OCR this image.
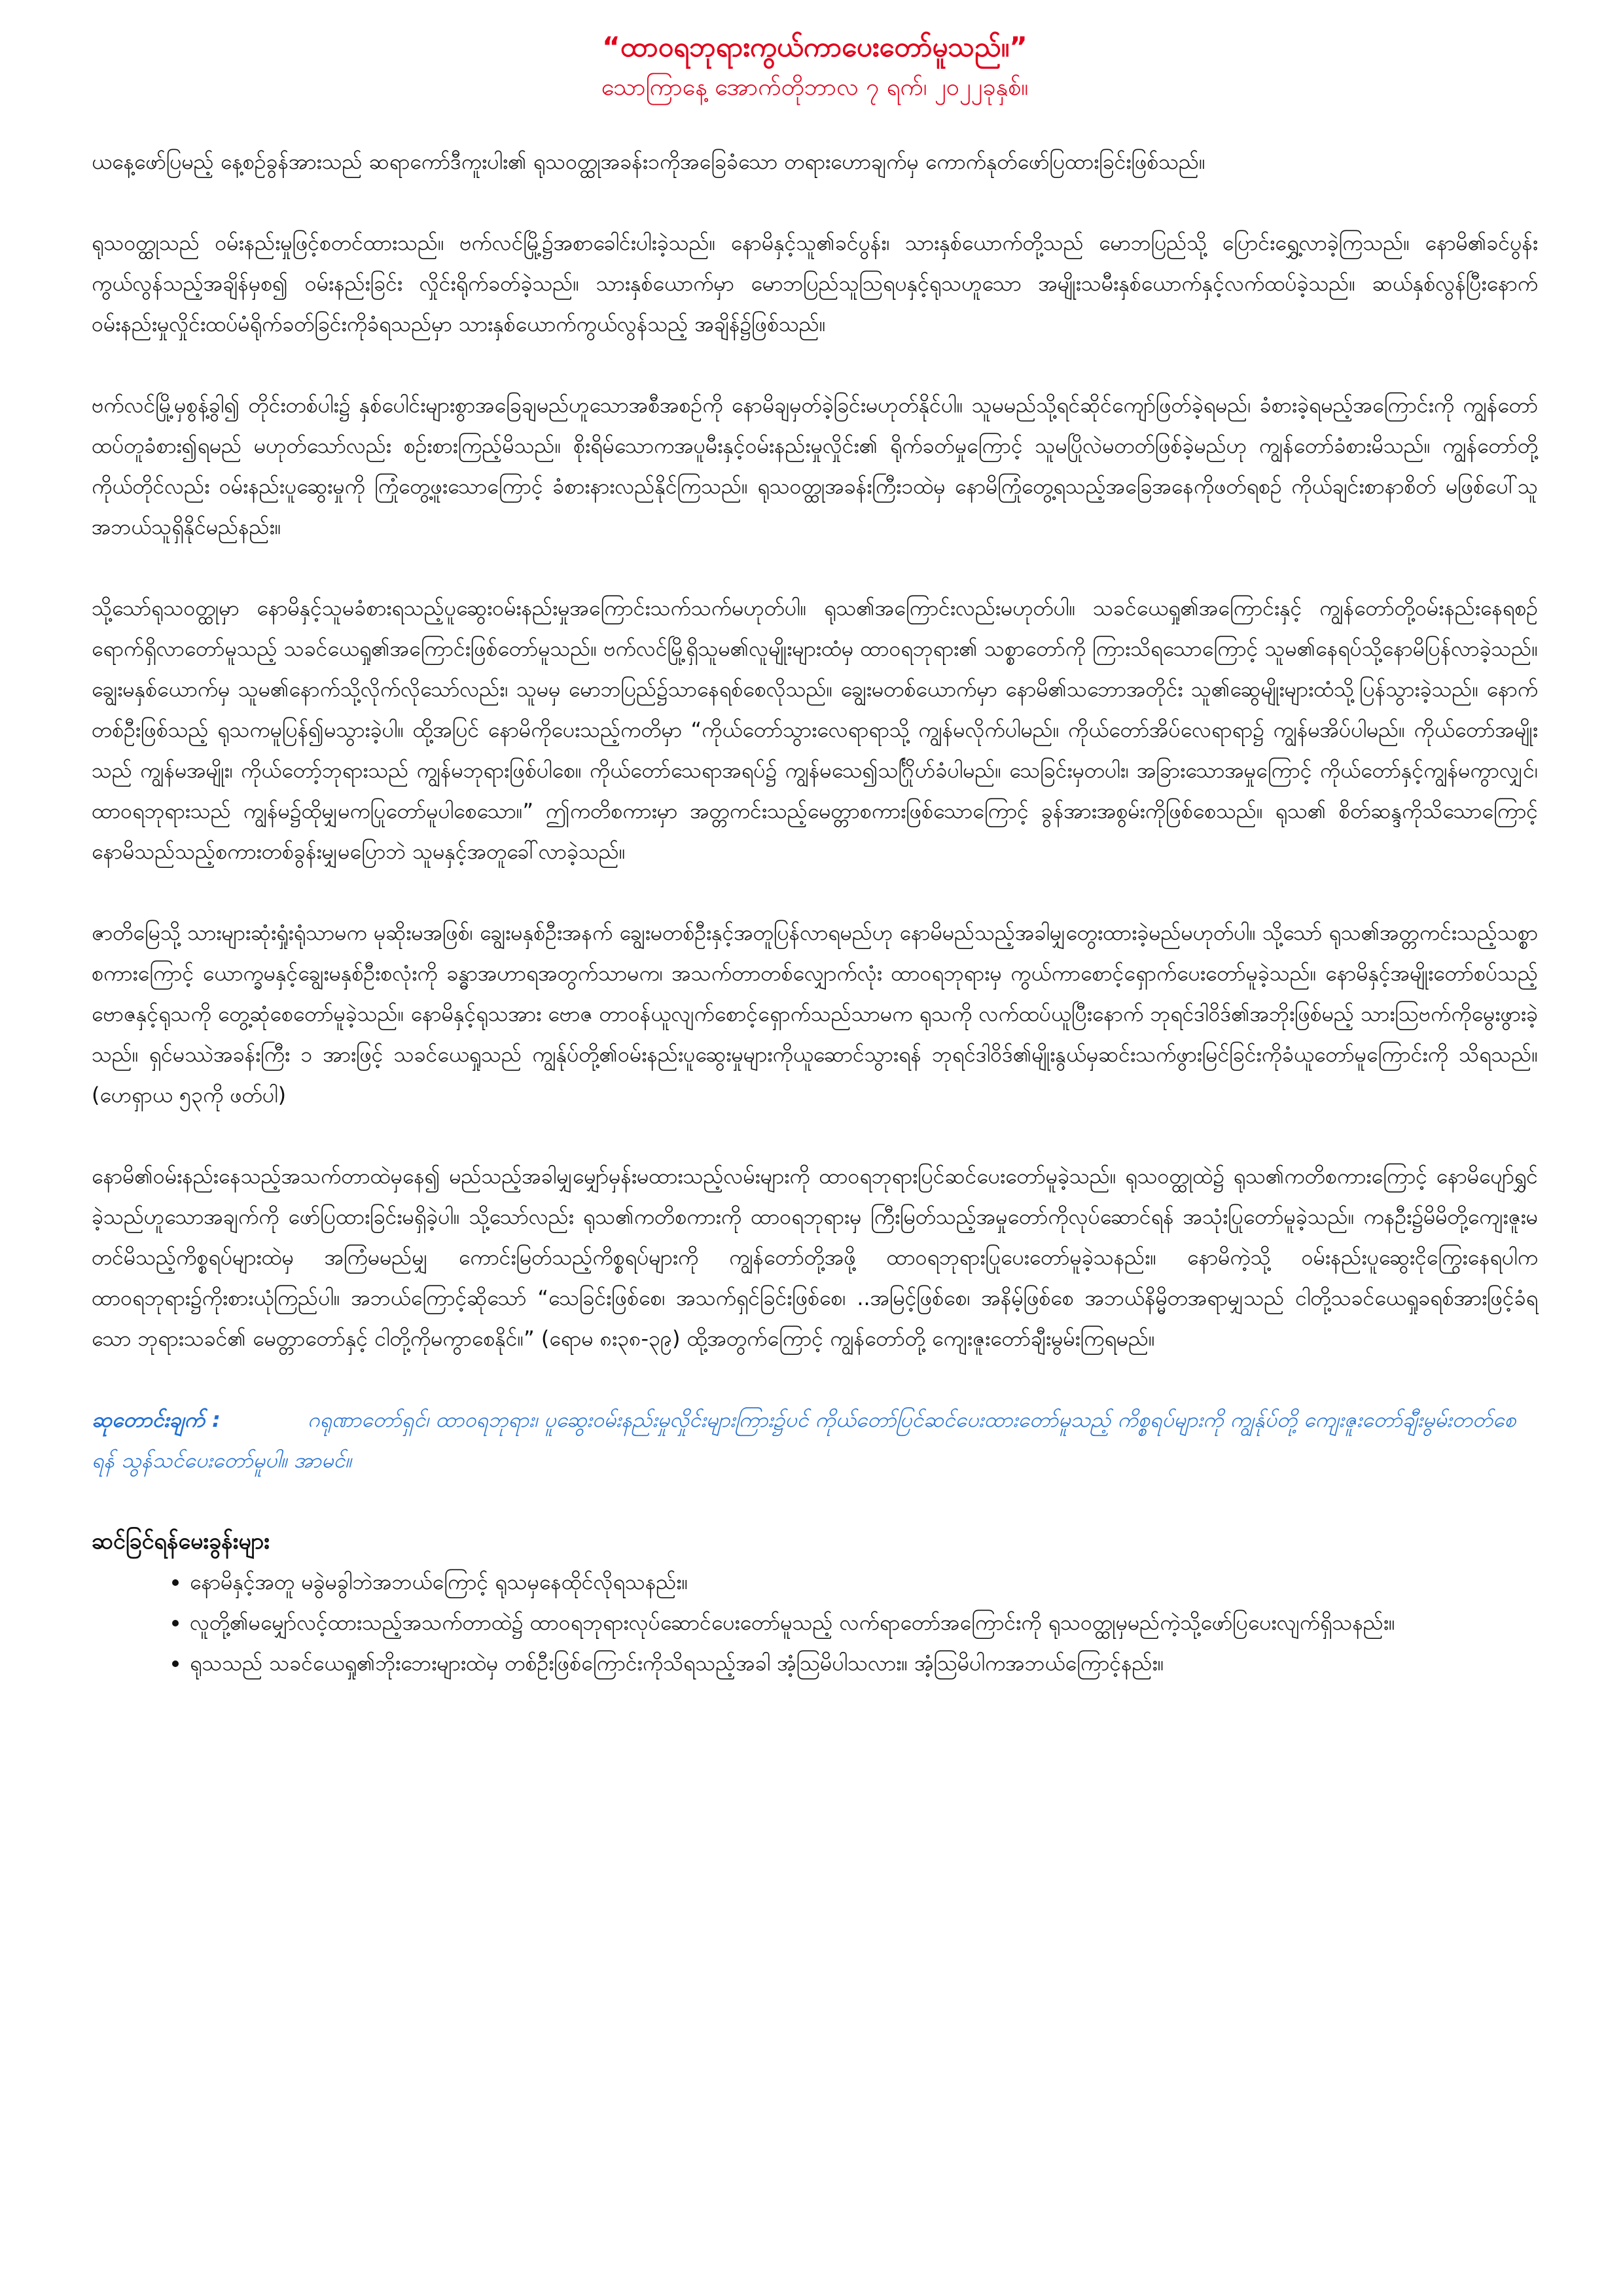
“ထာဝရဘုရားကွယ်ကာပေးတော်မူသည်။”

သောကြာနေ့ အောက်တိုဘာလ ၇ ရက်၊ ၂၀၂၂ခုနှစ်။

ယနေ့ဖော်ပြမည့် နေ့စဉ်ခွန်အားသည် ဆရာကော်ဒီကူးပါး၏ ရုသဝတ္ထုအခန်း၁ကိုအခြေခံသော တရားဟောချက်မှ ကောက်နုတ်ဖော်ပြထားခြင်းဖြစ်သည်။

ရုသဝတ္ထုသည် ဝမ်းနည်းမှုဖြင့်စတင်ထားသည်။ ဗက်လင်မြို့၌အစာခေါင်းပါးခဲ့သည်။ နောမိနှင့်သူ၏ခင်ပွန်း၊ သားနှစ်ယောက်တို့သည် မောဘပြည်သို့ ပြောင်းရွှေ့လာခဲ့ကြသည်။ နောမိ၏ခင်ပွန်းကွယ်လွန်သည့်အချိန်မှစ၍ ဝမ်းနည်းခြင်း လှိုင်းရိုက်ခတ်ခဲ့သည်။ သားနှစ်ယောက်မှာ မောဘပြည်သူဩရပနှင့်ရုသဟူသော အမျိုးသမီးနှစ်ယောက်နှင့်လက်ထပ်ခဲ့သည်။ ဆယ်နှစ်လွန်ပြီးနောက် ဝမ်းနည်းမှုလှိုင်းထပ်မံရိုက်ခတ်ခြင်းကိုခံရသည်မှာ သားနှစ်ယောက်ကွယ်လွန်သည့် အချိန်၌ဖြစ်သည်။

ဗက်လင်မြို့မှစွန့်ခွါ၍ တိုင်းတစ်ပါး၌ နှစ်ပေါင်းများစွာအခြေချမည်ဟူသောအစီအစဉ်ကို နောမိချမှတ်ခဲ့ခြင်းမဟုတ်နိုင်ပါ။ သူမမည်သို့ရင်ဆိုင်ကျော်ဖြတ်ခဲ့ရမည်၊ ခံစားခဲ့ရမည့်အကြောင်းကို ကျွန်တော်ထပ်တူခံစား၍ရမည် မဟုတ်သော်လည်း စဉ်းစားကြည့်မိသည်။ စိုးရိမ်သောကအပူမီးနှင့်ဝမ်းနည်းမှုလှိုင်း၏ ရိုက်ခတ်မှုကြောင့် သူမပြိုလဲမတတ်ဖြစ်ခဲ့မည်ဟု ကျွန်တော်ခံစားမိသည်။ ကျွန်တော်တို့ကိုယ်တိုင်လည်း ဝမ်းနည်းပူဆွေးမှုကို ကြုံတွေ့ဖူးသောကြောင့် ခံစားနားလည်နိုင်ကြသည်။ ရုသဝတ္ထုအခန်းကြီး၁ထဲမှ နောမိကြုံတွေ့ရသည့်အခြေအနေကိုဖတ်ရစဉ် ကိုယ်ချင်းစာနာစိတ် မဖြစ်ပေါ်သူ အဘယ်သူရှိနိုင်မည်နည်း။

သို့သော်ရုသဝတ္ထုမှာ နောမိနှင့်သူမခံစားရသည့်ပူဆွေးဝမ်းနည်းမှုအကြောင်းသက်သက်မဟုတ်ပါ။ ရုသ၏အကြောင်းလည်းမဟုတ်ပါ။ သခင်ယေရှု၏အကြောင်းနှင့် ကျွန်တော်တို့ဝမ်းနည်းနေရစဉ်ရောက်ရှိလာတော်မူသည့် သခင်ယေရှု၏အကြောင်းဖြစ်တော်မူသည်။ ဗက်လင်မြို့ရှိသူမ၏လူမျိုးများထံမှ ထာဝရဘုရား၏ သစ္စာတော်ကို ကြားသိရသောကြောင့် သူမ၏နေရပ်သို့နောမိပြန်လာခဲ့သည်။ ချွေးမနှစ်ယောက်မှ သူမ၏နောက်သို့လိုက်လိုသော်လည်း၊ သူမမှ မောဘပြည်၌သာနေရစ်စေလိုသည်။ ချွေးမတစ်ယောက်မှာ နောမိ၏သဘောအတိုင်း သူ၏ဆွေမျိုးများထံသို့ပြန်သွားခဲ့သည်။ နောက်တစ်ဦးဖြစ်သည့် ရုသကမူပြန်၍မသွားခဲ့ပါ။ ထို့အပြင် နောမိကိုပေးသည့်ကတိမှာ “ကိုယ်တော်သွားလေရာရာသို့ ကျွန်မလိုက်ပါမည်။ ကိုယ်တော်အိပ်လေရာရာ၌ ကျွန်မအိပ်ပါမည်။ ကိုယ်တော်အမျိုးသည် ကျွန်မအမျိုး၊ ကိုယ်တော့်ဘုရားသည် ကျွန်မဘုရားဖြစ်ပါစေ။ ကိုယ်တော်သေရာအရပ်၌ ကျွန်မသေ၍သင်္ဂြိုဟ်ခံပါမည်။ သေခြင်းမှတပါး၊ အခြားသောအမှုကြောင့် ကိုယ်တော်နှင့်ကျွန်မကွာလျှင်၊ ထာဝရဘုရားသည် ကျွန်မ၌ထိုမျှမကပြုတော်မူပါစေသော။” ဤကတိစကားမှာ အတ္တကင်းသည့်မေတ္တာစကားဖြစ်သောကြောင့် ခွန်အားအစွမ်းကိုဖြစ်စေသည်။ ရုသ၏ စိတ်ဆန္ဒကိုသိသောကြောင့် နောမိသည်သည့်စကားတစ်ခွန်းမျှမပြောဘဲ သူမနှင့်အတူခေါ်လာခဲ့သည်။

ဇာတိမြေသို့ သားများဆုံးရှုံးရုံသာမက မုဆိုးမအဖြစ်၊ ချွေးမနှစ်ဦးအနက် ချွေးမတစ်ဦးနှင့်အတူပြန်လာရမည်ဟု နောမိမည်သည့်အခါမျှတွေးထားခဲ့မည်မဟုတ်ပါ။ သို့သော် ရုသ၏အတ္တကင်းသည့်သစ္စာစကားကြောင့် ယောက္ခမနှင့်ချွေးမနှစ်ဦးစလုံးကို ခန္ဓာအဟာရအတွက်သာမက၊ အသက်တာတစ်လျှောက်လုံး ထာဝရဘုရားမှ ကွယ်ကာစောင့်ရှောက်ပေးတော်မူခဲ့သည်။ နောမိနှင့်အမျိုးတော်စပ်သည့် ဗောဇနှင့်ရုသကို တွေ့ဆုံစေတော်မူခဲ့သည်။ နောမိနှင့်ရုသအား ဗောဇ တာဝန်ယူလျက်စောင့်ရှောက်သည်သာမက ရုသကို လက်ထပ်ယူပြီးနောက် ဘုရင်ဒါဝိဒ်၏အဘိုးဖြစ်မည့် သားဩဗက်ကိုမွေးဖွားခဲ့သည်။ ရှင်မဿဲအခန်းကြီး ၁ အားဖြင့် သခင်ယေရှုသည် ကျွန်ုပ်တို့၏ဝမ်းနည်းပူဆွေးမှုများကိုယူဆောင်သွားရန် ဘုရင်ဒါဝိဒ်၏မျိုးနွယ်မှဆင်းသက်ဖွားမြင်ခြင်းကိုခံယူတော်မူကြောင်းကို သိရသည်။ (ဟေရှာယ ၅၃ကို ဖတ်ပါ)

နောမိ၏ဝမ်းနည်းနေသည့်အသက်တာထဲမှနေ၍ မည်သည့်အခါမျှမျှော်မှန်းမထားသည့်လမ်းများကို ထာဝရဘုရားပြင်ဆင်ပေးတော်မူခဲ့သည်။ ရုသဝတ္ထုထဲ၌ ရုသ၏ကတိစကားကြောင့် နောမိပျော်ရွှင်ခဲ့သည်ဟူသောအချက်ကို ဖော်ပြထားခြင်းမရှိခဲ့ပါ။ သို့သော်လည်း ရုသ၏ကတိစကားကို ထာဝရဘုရားမှ ကြီးမြတ်သည့်အမှုတော်ကိုလုပ်ဆောင်ရန် အသုံးပြုတော်မူခဲ့သည်။ ကနဦး၌မိမိတို့ကျေးဇူးမတင်မိသည့်ကိစ္စရပ်များထဲမှ အကြံမမည်မျှ ကောင်းမြတ်သည့်ကိစ္စရပ်များကို ကျွန်တော်တို့အဖို့ ထာဝရဘုရားပြုပေးတော်မူခဲ့သနည်း။ နောမိကဲ့သို့ ဝမ်းနည်းပူဆွေးငိုကြွေးနေရပါက ထာဝရဘုရား၌ကိုးစားယုံကြည်ပါ။ အဘယ်ကြောင့်ဆိုသော် “သေခြင်းဖြစ်စေ၊ အသက်ရှင်ခြင်းဖြစ်စေ၊ ..အမြင့်ဖြစ်စေ၊ အနိမ့်ဖြစ်စေ အဘယ်နိမ္မိတအရာမျှသည် ငါတို့သခင်ယေရှုခရစ်အားဖြင့်ခံရသော ဘုရားသခင်၏ မေတ္တာတော်နှင့် ငါတို့ကိုမကွာစေနိုင်။” (ရောမ ၈း၃၈-၃၉) ထို့အတွက်ကြောင့် ကျွန်တော်တို့ ကျေးဇူးတော်ချီးမွမ်းကြရမည်။

ဆုတောင်းချက် :	ဂရုဏာတော်ရှင်၊ ထာဝရဘုရား၊ ပူဆွေးဝမ်းနည်းမှုလှိုင်းများကြား၌ပင် ကိုယ်တော်ပြင်ဆင်ပေးထားတော်မူသည့် ကိစ္စရပ်များကို ကျွန်ုပ်တို့ ကျေးဇူးတော်ချီးမွမ်းတတ်စေရန် သွန်သင်ပေးတော်မူပါ။ အာမင်။

ဆင်ခြင်ရန်မေးခွန်းများ

• နောမိနှင့်အတူ မခွဲမခွါဘဲအဘယ်ကြောင့် ရုသမှနေထိုင်လိုရသနည်း။
• လူတို့၏မမျှော်လင့်ထားသည့်အသက်တာထဲ၌ ထာဝရဘုရားလုပ်ဆောင်ပေးတော်မူသည့် လက်ရာတော်အကြောင်းကို ရုသဝတ္ထုမှမည်ကဲ့သို့ဖော်ပြပေးလျက်ရှိသနည်း။
• ရုသသည် သခင်ယေရှု၏ဘိုးဘေးများထဲမှ တစ်ဦးဖြစ်ကြောင်းကိုသိရသည့်အခါ အံ့သြမိပါသလား။ အံ့သြမိပါကအဘယ်ကြောင့်နည်း။
